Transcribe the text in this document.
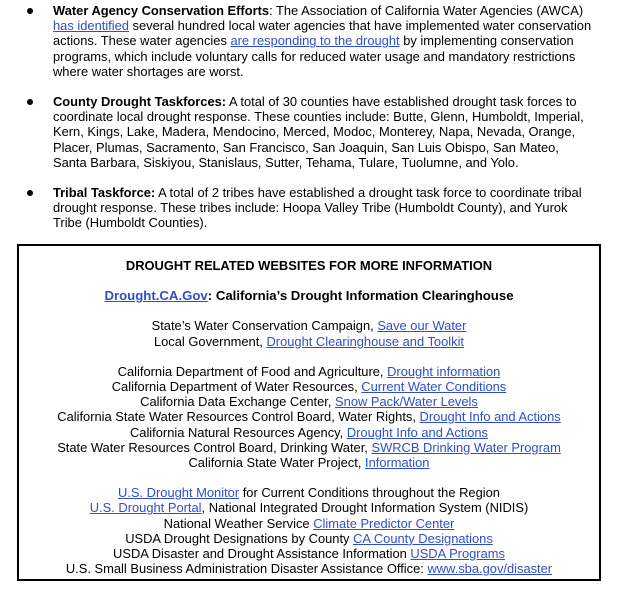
Water Agency Conservation Efforts: The Association of California Water Agencies (AWCA) has identified several hundred local water agencies that have implemented water conservation actions. These water agencies are responding to the drought by implementing conservation programs, which include voluntary calls for reduced water usage and mandatory restrictions where water shortages are worst.
County Drought Taskforces: A total of 30 counties have established drought task forces to coordinate local drought response. These counties include: Butte, Glenn, Humboldt, Imperial, Kern, Kings, Lake, Madera, Mendocino, Merced, Modoc, Monterey, Napa, Nevada, Orange, Placer, Plumas, Sacramento, San Francisco, San Joaquin, San Luis Obispo, San Mateo, Santa Barbara, Siskiyou, Stanislaus, Sutter, Tehama, Tulare, Tuolumne, and Yolo.
Tribal Taskforce: A total of 2 tribes have established a drought task force to coordinate tribal drought response. These tribes include: Hoopa Valley Tribe (Humboldt County), and Yurok Tribe (Humboldt Counties).
DROUGHT RELATED WEBSITES FOR MORE INFORMATION
Drought.CA.Gov: California’s Drought Information Clearinghouse
State’s Water Conservation Campaign, Save our Water
Local Government, Drought Clearinghouse and Toolkit
California Department of Food and Agriculture, Drought information
California Department of Water Resources, Current Water Conditions
California Data Exchange Center, Snow Pack/Water Levels
California State Water Resources Control Board, Water Rights, Drought Info and Actions
California Natural Resources Agency, Drought Info and Actions
State Water Resources Control Board, Drinking Water, SWRCB Drinking Water Program
California State Water Project, Information
U.S. Drought Monitor for Current Conditions throughout the Region
U.S. Drought Portal, National Integrated Drought Information System (NIDIS)
National Weather Service Climate Predictor Center
USDA Drought Designations by County CA County Designations
USDA Disaster and Drought Assistance Information USDA Programs
U.S. Small Business Administration Disaster Assistance Office: www.sba.gov/disaster
